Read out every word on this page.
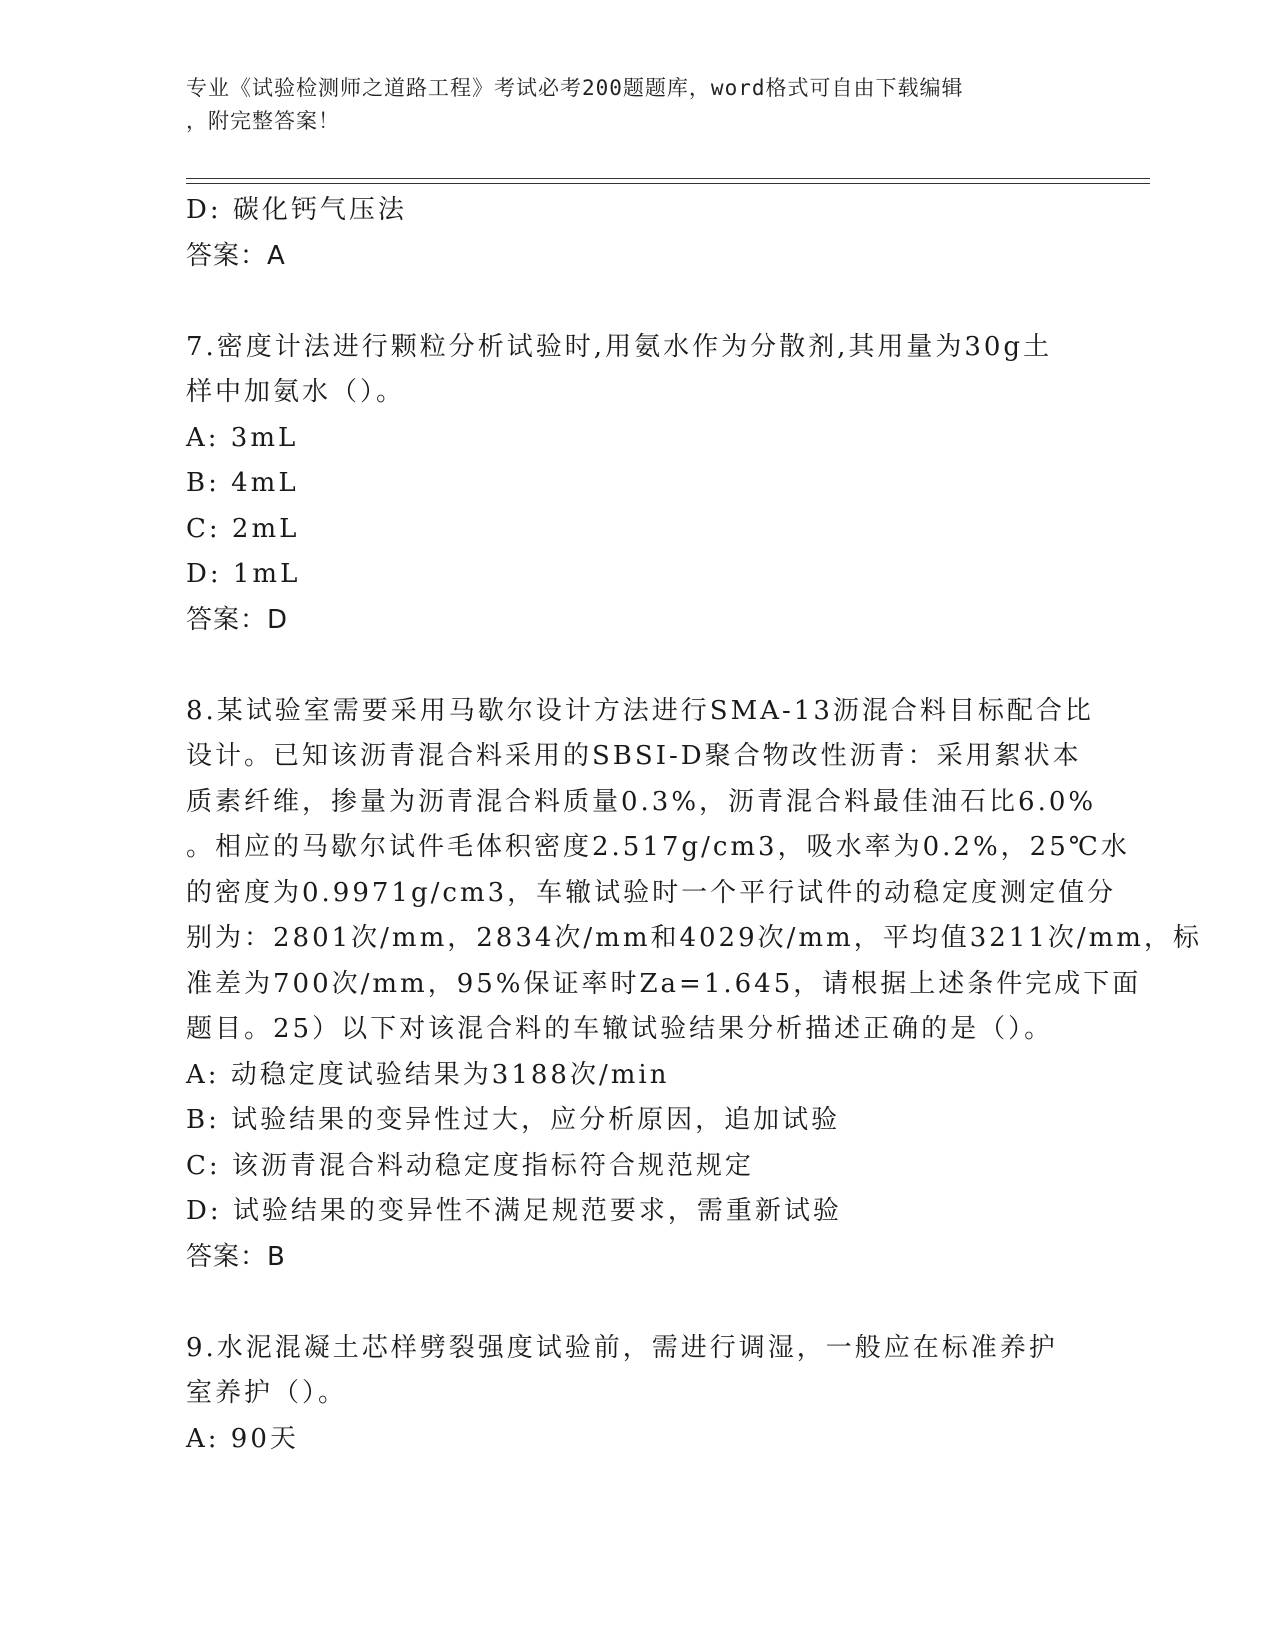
专业《试验检测师之道路工程》考试必考200题题库，word格式可自由下载编辑
，附完整答案！
D: 碳化钙气压法
答案：A
7.密度计法进行颗粒分析试验时,用氨水作为分散剂,其用量为30g土
样中加氨水（）。
A: 3mL
B: 4mL
C: 2mL
D: 1mL
答案：D
8.某试验室需要采用马歇尔设计方法进行SMA-13沥混合料目标配合比
设计。已知该沥青混合料采用的SBSI-D聚合物改性沥青：采用絮状本
质素纤维，掺量为沥青混合料质量0.3%，沥青混合料最佳油石比6.0%
。相应的马歇尔试件毛体积密度2.517g/cm3，吸水率为0.2%，25℃水
的密度为0.9971g/cm3，车辙试验时一个平行试件的动稳定度测定值分
别为：2801次/mm，2834次/mm和4029次/mm，平均值3211次/mm，标
准差为700次/mm，95%保证率时Za=1.645，请根据上述条件完成下面
题目。25）以下对该混合料的车辙试验结果分析描述正确的是（）。
A: 动稳定度试验结果为3188次/min
B: 试验结果的变异性过大，应分析原因，追加试验
C: 该沥青混合料动稳定度指标符合规范规定
D: 试验结果的变异性不满足规范要求，需重新试验
答案：B
9.水泥混凝土芯样劈裂强度试验前，需进行调湿，一般应在标准养护
室养护（）。
A: 90天
